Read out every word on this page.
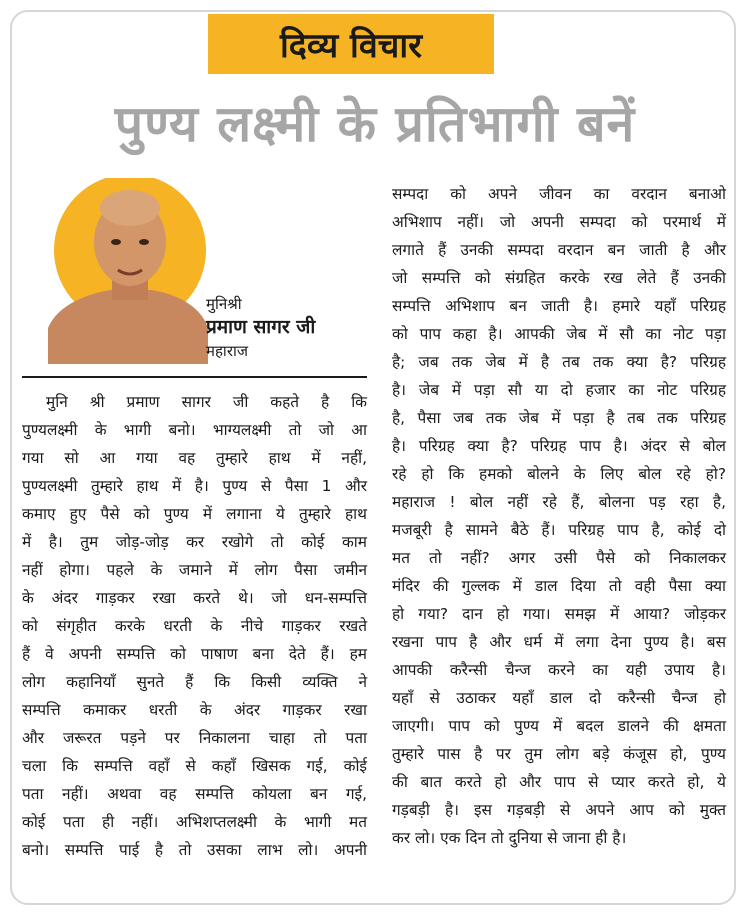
दिव्य विचार
पुण्य लक्ष्मी के प्रतिभागी बनें
मुनिश्री
प्रमाण सागर जी
महाराज
मुनि श्री प्रमाण सागर जी कहते है कि
पुण्यलक्ष्मी के भागी बनो। भाग्यलक्ष्मी तो जो आ
गया सो आ गया वह तुम्हारे हाथ में नहीं,
पुण्यलक्ष्मी तुम्हारे हाथ में है। पुण्य से पैसा 1 और
कमाए हुए पैसे को पुण्य में लगाना ये तुम्हारे हाथ
में है। तुम जोड़-जोड़ कर रखोगे तो कोई काम
नहीं होगा। पहले के जमाने में लोग पैसा जमीन
के अंदर गाड़कर रखा करते थे। जो धन-सम्पत्ति
को संगृहीत करके धरती के नीचे गाड़कर रखते
हैं वे अपनी सम्पत्ति को पाषाण बना देते हैं। हम
लोग कहानियाँ सुनते हैं कि किसी व्यक्ति ने
सम्पत्ति कमाकर धरती के अंदर गाड़कर रखा
और जरूरत पड़ने पर निकालना चाहा तो पता
चला कि सम्पत्ति वहाँ से कहाँ खिसक गई, कोई
पता नहीं। अथवा वह सम्पत्ति कोयला बन गई,
कोई पता ही नहीं। अभिशप्तलक्ष्मी के भागी मत
बनो। सम्पत्ति पाई है तो उसका लाभ लो। अपनी
सम्पदा को अपने जीवन का वरदान बनाओ
अभिशाप नहीं। जो अपनी सम्पदा को परमार्थ में
लगाते हैं उनकी सम्पदा वरदान बन जाती है और
जो सम्पत्ति को संग्रहित करके रख लेते हैं उनकी
सम्पत्ति अभिशाप बन जाती है। हमारे यहाँ परिग्रह
को पाप कहा है। आपकी जेब में सौ का नोट पड़ा
है; जब तक जेब में है तब तक क्या है? परिग्रह
है। जेब में पड़ा सौ या दो हजार का नोट परिग्रह
है, पैसा जब तक जेब में पड़ा है तब तक परिग्रह
है। परिग्रह क्या है? परिग्रह पाप है। अंदर से बोल
रहे हो कि हमको बोलने के लिए बोल रहे हो?
महाराज ! बोल नहीं रहे हैं, बोलना पड़ रहा है,
मजबूरी है सामने बैठे हैं। परिग्रह पाप है, कोई दो
मत तो नहीं? अगर उसी पैसे को निकालकर
मंदिर की गुल्लक में डाल दिया तो वही पैसा क्या
हो गया? दान हो गया। समझ में आया? जोड़कर
रखना पाप है और धर्म में लगा देना पुण्य है। बस
आपकी करैन्सी चैन्ज करने का यही उपाय है।
यहाँ से उठाकर यहाँ डाल दो करैन्सी चैन्ज हो
जाएगी। पाप को पुण्य में बदल डालने की क्षमता
तुम्हारे पास है पर तुम लोग बड़े कंजूस हो, पुण्य
की बात करते हो और पाप से प्यार करते हो, ये
गड़बड़ी है। इस गड़बड़ी से अपने आप को मुक्त
कर लो। एक दिन तो दुनिया से जाना ही है।
